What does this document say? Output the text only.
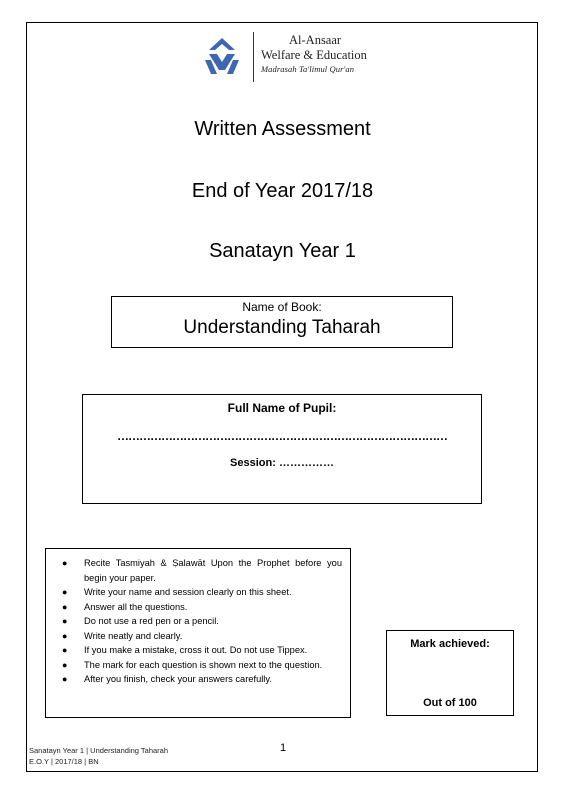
Al-Ansaar
Welfare & Education
Madrasah Ta'limul Qur'an
Written Assessment
End of Year 2017/18
Sanatayn Year 1
Name of Book:
Understanding Taharah
Full Name of Pupil:
………………………………………………………………………………
Session: ……………
● Recite Tasmiyah & Ṣalawāt Upon the Prophet before you begin your paper.
● Write your name and session clearly on this sheet.
● Answer all the questions.
● Do not use a red pen or a pencil.
● Write neatly and clearly.
● If you make a mistake, cross it out. Do not use Tippex.
● The mark for each question is shown next to the question.
● After you finish, check your answers carefully.
Mark achieved:
Out of 100
Sanatayn Year 1 | Understanding Taharah
E.O.Y | 2017/18 | BN
1
